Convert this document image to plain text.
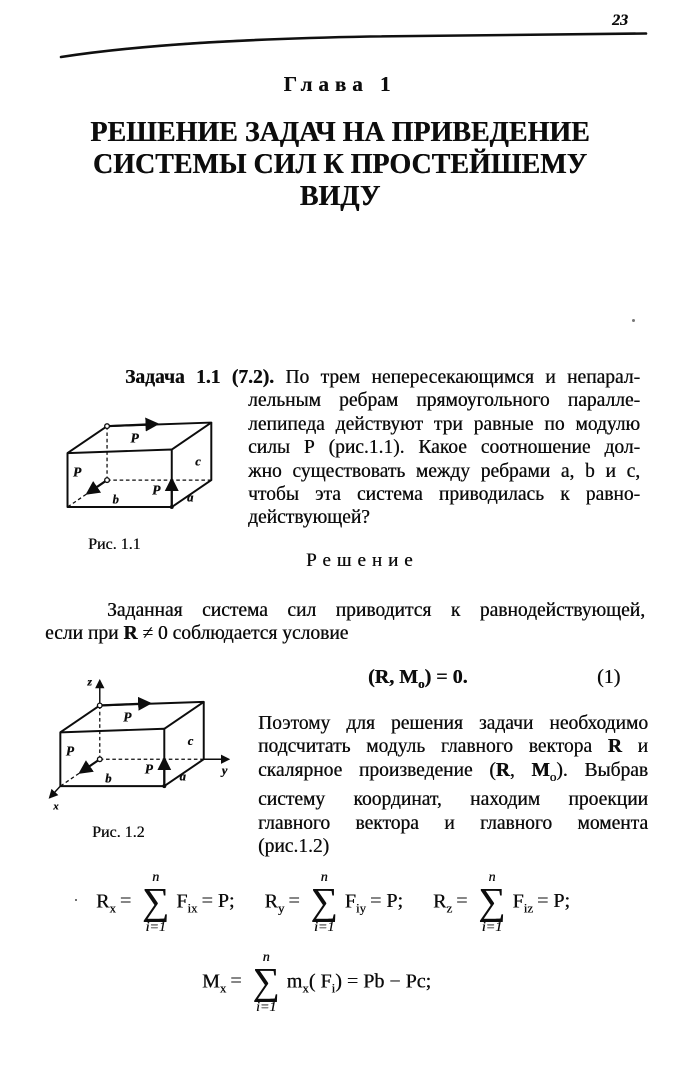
23
Глава 1
РЕШЕНИЕ ЗАДАЧ НА ПРИВЕДЕНИЕ
СИСТЕМЫ СИЛ К ПРОСТЕЙШЕМУ
ВИДУ
Задача 1.1 (7.2). По трем непересекающимся и непарал-
лельным ребрам прямоугольного паралле-
лепипеда действуют три равные по модулю
силы Р (рис.1.1). Какое соотношение дол-
жно существовать между ребрами а, b и с,
чтобы эта система приводилась к равно-
действующей?
P
P
P
c
a
b
Рис. 1.1
Решение
Заданная система сил приводится к равнодействующей,
если при R ≠ 0 соблюдается условие
(R, $M_o) = 0$.	(1)
z
y
x
P
P
P
c
a
b
Рис. 1.2
Поэтому для решения задачи необходимо
подсчитать модуль главного вектора R и
скалярное произведение (R, $M_o$). Выбрав
систему координат, находим проекции
главного вектора и главного момента
(рис.1.2)
$R_x$ =
n
∑
i=1
$F_{ix} = P$; $R_y$ =
n
∑
i=1
$F_{iy} = P$; $R_z$ =
n
∑
i=1
$F_{iz} = P$;
$M_x$ =
n
∑
i=1
$m_x$( $F_i) = Pb - Pc$;
